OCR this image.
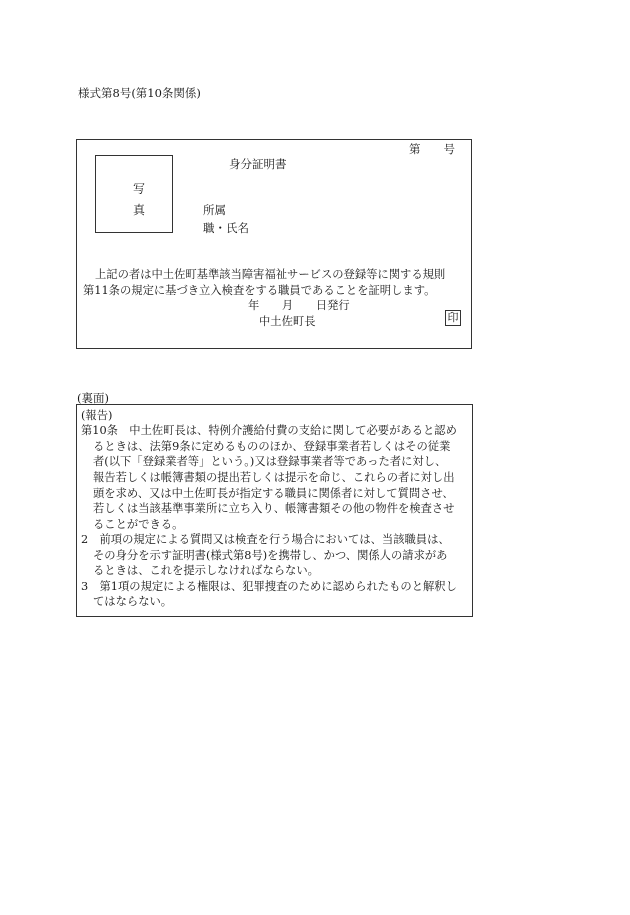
様式第8号(第10条関係)
第　　号
写
真
身分証明書
所属
職・氏名
上記の者は中土佐町基準該当障害福祉サービスの登録等に関する規則
第11条の規定に基づき立入検査をする職員であることを証明します。
年　　月　　日発行
中土佐町長	印
(裏面)
(報告)
第10条　中土佐町長は、特例介護給付費の支給に関して必要があると認め
るときは、法第9条に定めるもののほか、登録事業者若しくはその従業
者(以下「登録業者等」という。)又は登録事業者等であった者に対し、
報告若しくは帳簿書類の提出若しくは提示を命じ、これらの者に対し出
頭を求め、又は中土佐町長が指定する職員に関係者に対して質問させ、
若しくは当該基準事業所に立ち入り、帳簿書類その他の物件を検査させ
ることができる。
2　前項の規定による質問又は検査を行う場合においては、当該職員は、
その身分を示す証明書(様式第8号)を携帯し、かつ、関係人の請求があ
るときは、これを提示しなければならない。
3　第1項の規定による権限は、犯罪捜査のために認められたものと解釈し
てはならない。
